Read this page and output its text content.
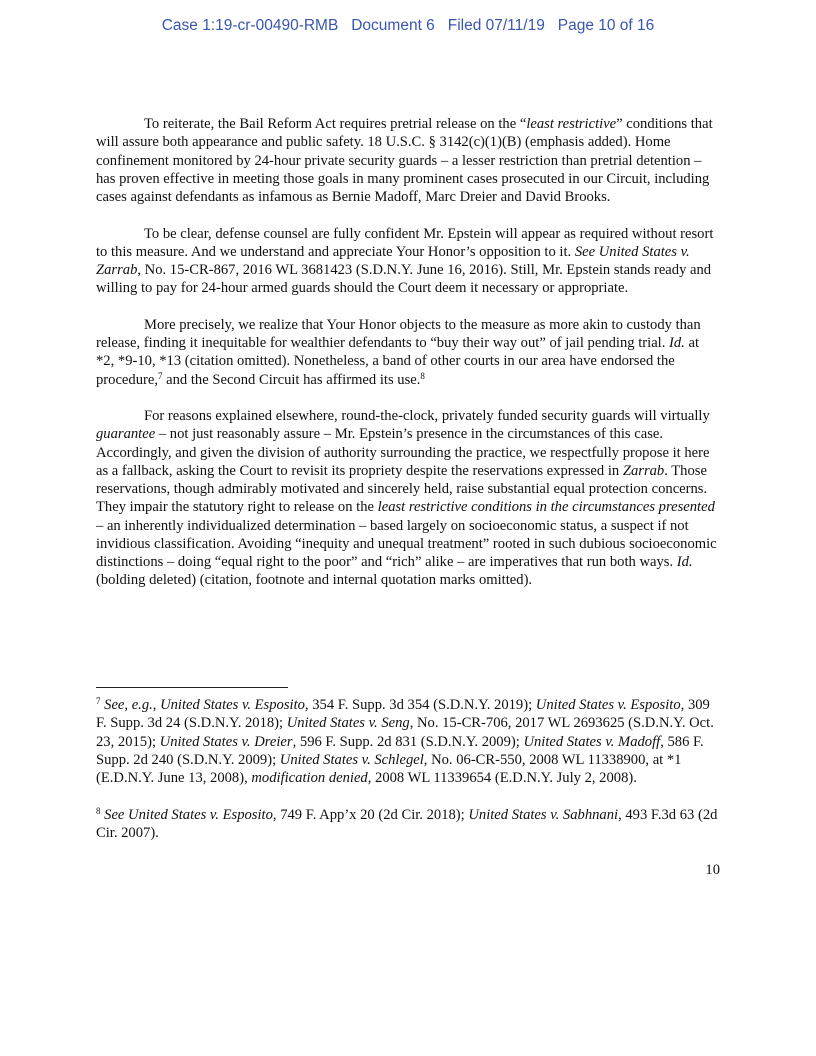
Case 1:19-cr-00490-RMB Document 6 Filed 07/11/19 Page 10 of 16

To reiterate, the Bail Reform Act requires pretrial release on the “least restrictive” conditions that will assure both appearance and public safety. 18 U.S.C. § 3142(c)(1)(B) (emphasis added). Home confinement monitored by 24-hour private security guards – a lesser restriction than pretrial detention – has proven effective in meeting those goals in many prominent cases prosecuted in our Circuit, including cases against defendants as infamous as Bernie Madoff, Marc Dreier and David Brooks.

To be clear, defense counsel are fully confident Mr. Epstein will appear as required without resort to this measure. And we understand and appreciate Your Honor’s opposition to it. See United States v. Zarrab, No. 15-CR-867, 2016 WL 3681423 (S.D.N.Y. June 16, 2016). Still, Mr. Epstein stands ready and willing to pay for 24-hour armed guards should the Court deem it necessary or appropriate.

More precisely, we realize that Your Honor objects to the measure as more akin to custody than release, finding it inequitable for wealthier defendants to “buy their way out” of jail pending trial. Id. at *2, *9-10, *13 (citation omitted). Nonetheless, a band of other courts in our area have endorsed the procedure,$^7$ and the Second Circuit has affirmed its use.$^8$

For reasons explained elsewhere, round-the-clock, privately funded security guards will virtually guarantee – not just reasonably assure – Mr. Epstein’s presence in the circumstances of this case. Accordingly, and given the division of authority surrounding the practice, we respectfully propose it here as a fallback, asking the Court to revisit its propriety despite the reservations expressed in Zarrab. Those reservations, though admirably motivated and sincerely held, raise substantial equal protection concerns. They impair the statutory right to release on the least restrictive conditions in the circumstances presented – an inherently individualized determination – based largely on socioeconomic status, a suspect if not invidious classification. Avoiding “inequity and unequal treatment” rooted in such dubious socioeconomic distinctions – doing “equal right to the poor” and “rich” alike – are imperatives that run both ways. Id. (bolding deleted) (citation, footnote and internal quotation marks omitted).

$^7$ See, e.g., United States v. Esposito, 354 F. Supp. 3d 354 (S.D.N.Y. 2019); United States v. Esposito, 309 F. Supp. 3d 24 (S.D.N.Y. 2018); United States v. Seng, No. 15-CR-706, 2017 WL 2693625 (S.D.N.Y. Oct. 23, 2015); United States v. Dreier, 596 F. Supp. 2d 831 (S.D.N.Y. 2009); United States v. Madoff, 586 F. Supp. 2d 240 (S.D.N.Y. 2009); United States v. Schlegel, No. 06-CR-550, 2008 WL 11338900, at *1 (E.D.N.Y. June 13, 2008), modification denied, 2008 WL 11339654 (E.D.N.Y. July 2, 2008).

$^8$ See United States v. Esposito, 749 F. App’x 20 (2d Cir. 2018); United States v. Sabhnani, 493 F.3d 63 (2d Cir. 2007).

10
